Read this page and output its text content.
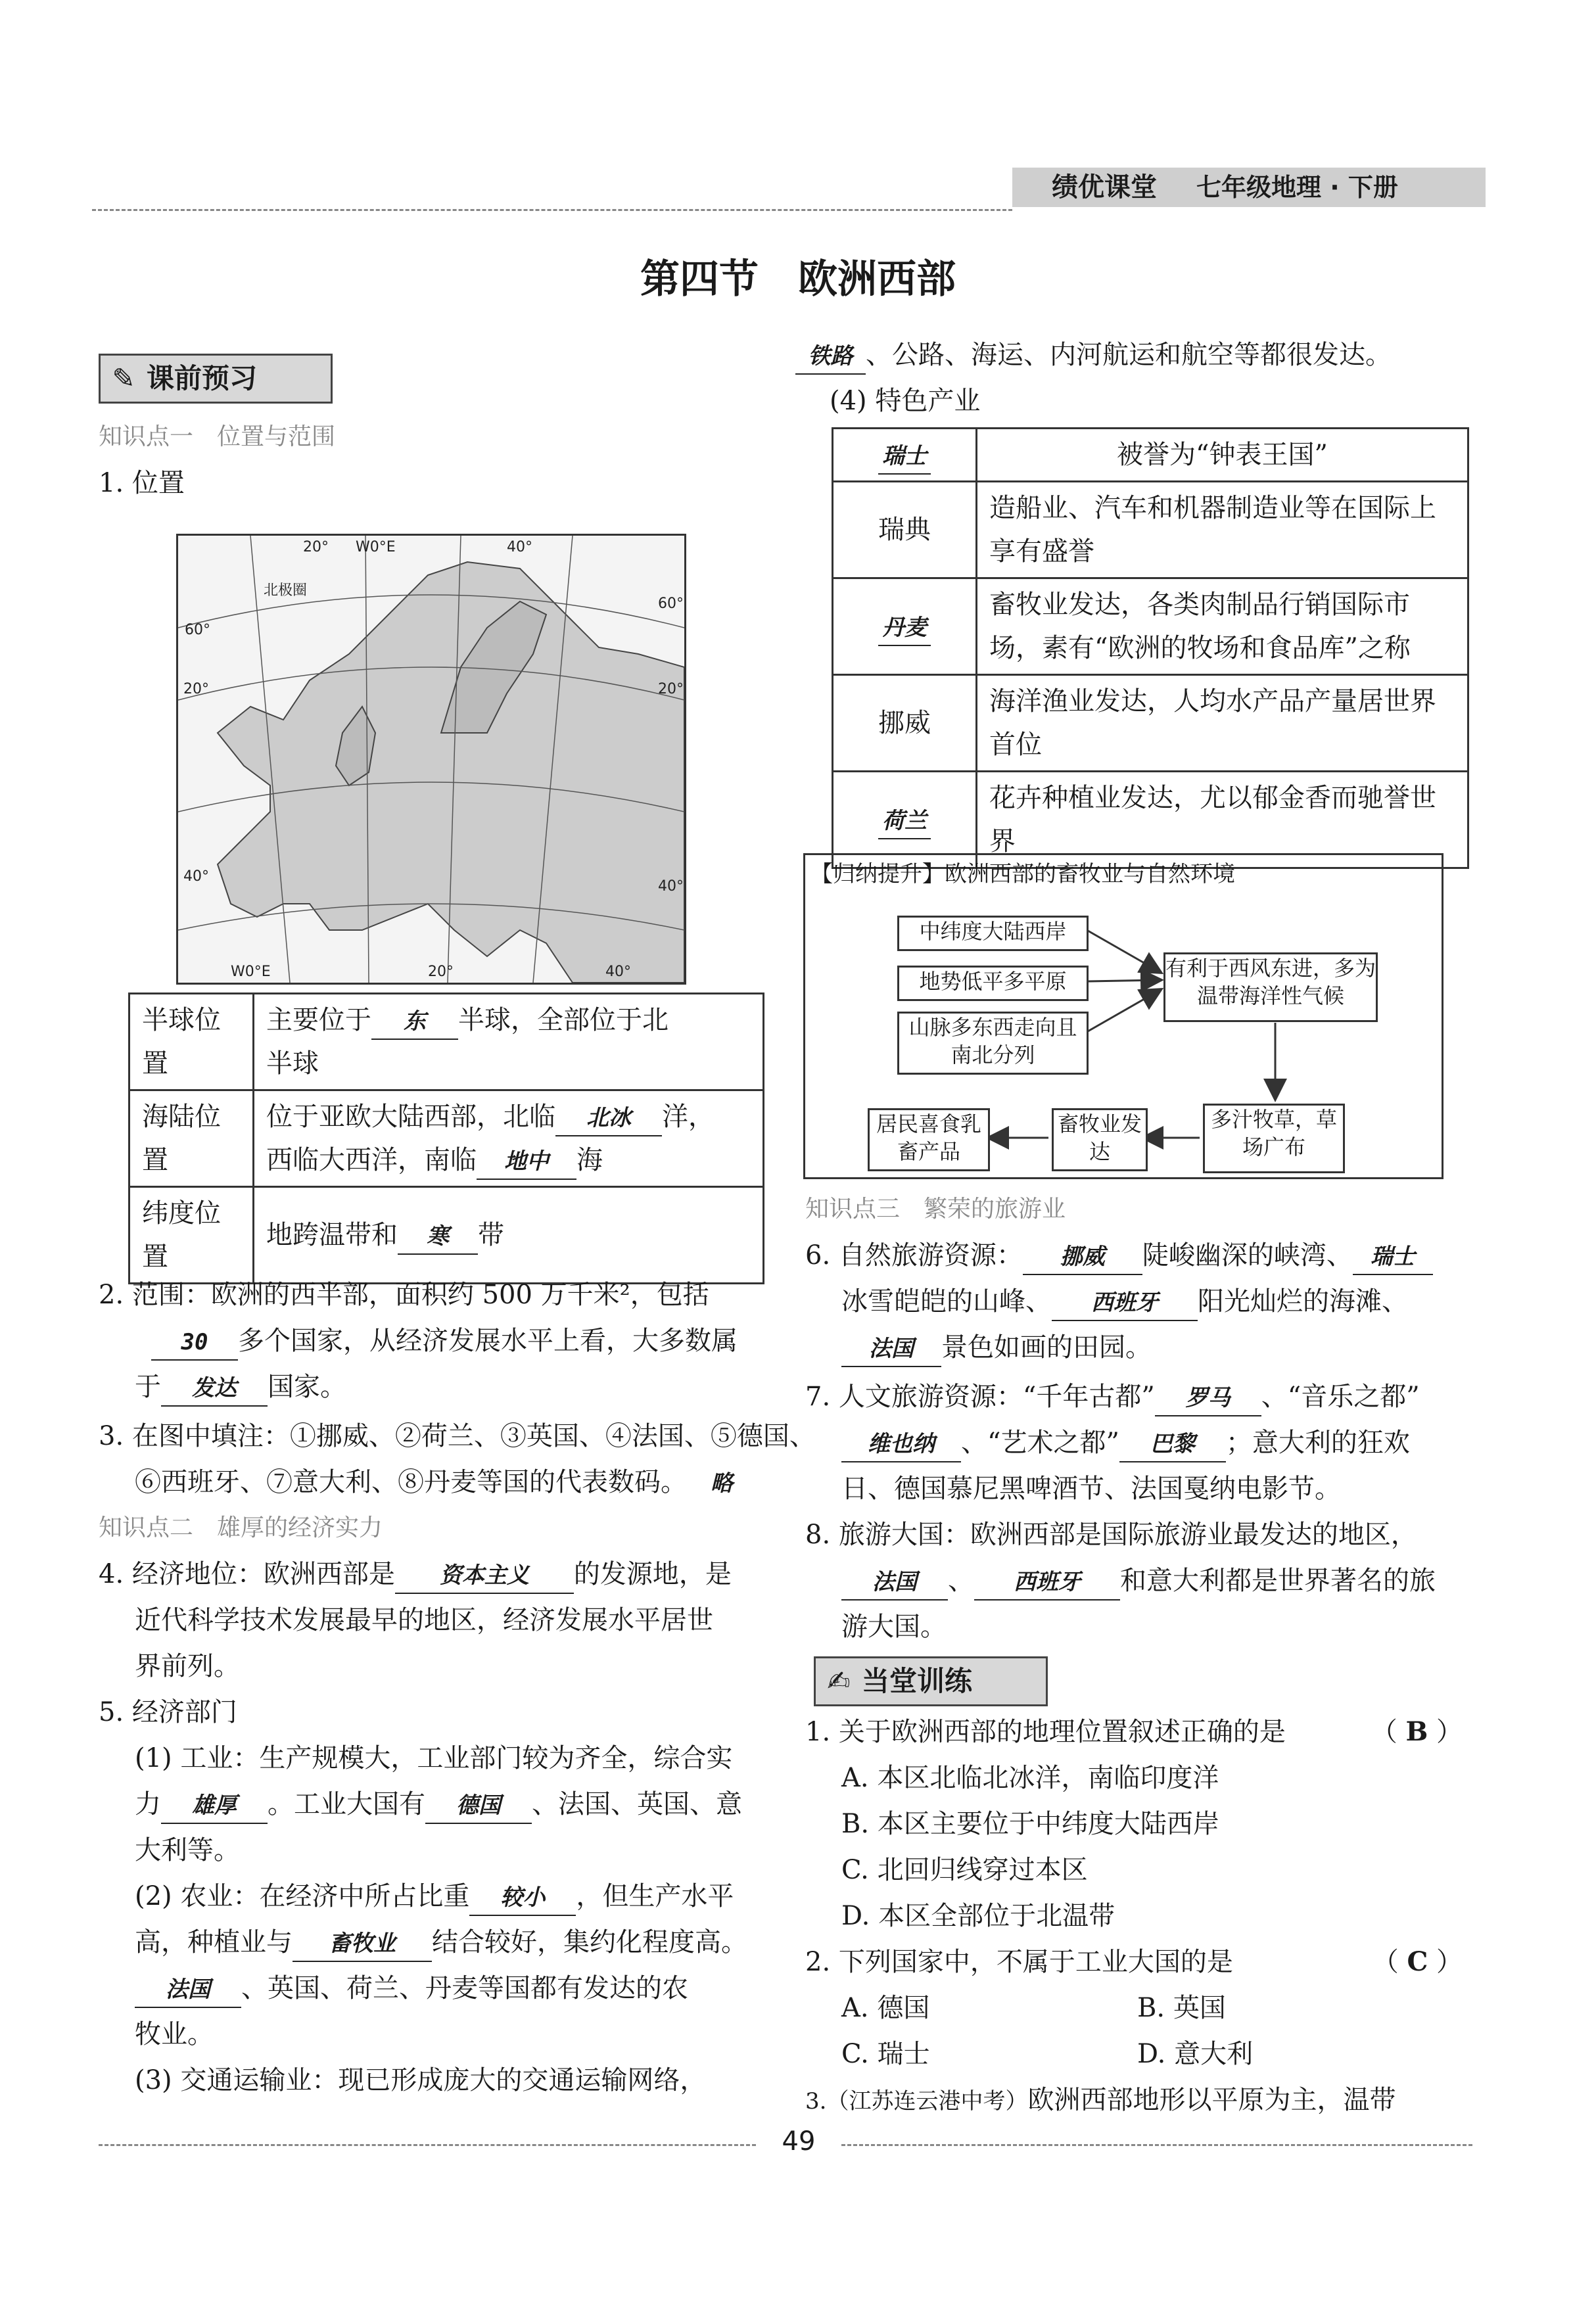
绩优课堂 七年级地理 · 下册
第四节　欧洲西部
✎ 课前预习
知识点一　位置与范围
1. 位置
20° W0°E	40°
北极圈
60°
60°
20°	20°
40°
40°
W0°E	20°	40°
半球位置	主要位于 东 半球，全部位于北
半球
海陆位置	位于亚欧大陆西部，北临 北冰 洋，
西临大西洋，南临 地中 海
纬度位置	地跨温带和 寒 带
2. 范围：欧洲的西半部，面积约 500 万千米²，包括
30 多个国家，从经济发展水平上看，大多数属
于 发达 国家。
3. 在图中填注：①挪威、②荷兰、③英国、④法国、⑤德国、
⑥西班牙、⑦意大利、⑧丹麦等国的代表数码。 略
知识点二　雄厚的经济实力
4. 经济地位：欧洲西部是 资本主义 的发源地，是
近代科学技术发展最早的地区，经济发展水平居世
界前列。
5. 经济部门
(1) 工业：生产规模大，工业部门较为齐全，综合实
力 雄厚 。工业大国有 德国 、法国、英国、意
大利等。
(2) 农业：在经济中所占比重 较小 ，但生产水平
高，种植业与 畜牧业 结合较好，集约化程度高。
法国 、英国、荷兰、丹麦等国都有发达的农
牧业。
(3) 交通运输业：现已形成庞大的交通运输网络，
铁路 、公路、海运、内河航运和航空等都很发达。
(4) 特色产业
瑞士	被誉为“钟表王国”
瑞典	造船业、汽车和机器制造业等在国际上享有盛誉
丹麦	畜牧业发达，各类肉制品行销国际市场，素有“欧洲的牧场和食品库”之称
挪威	海洋渔业发达，人均水产品产量居世界首位
荷兰	花卉种植业发达，尤以郁金香而驰誉世界
【归纳提升】欧洲西部的畜牧业与自然环境
中纬度大陆西岸
地势低平多平原
山脉多东西走向且南北分列
有利于西风东进，多为温带海洋性气候
多汁牧草，草场广布
畜牧业发达
居民喜食乳畜产品
知识点三　繁荣的旅游业
6. 自然旅游资源： 挪威 陡峻幽深的峡湾、 瑞士
冰雪皑皑的山峰、 西班牙 阳光灿烂的海滩、
法国 景色如画的田园。
7. 人文旅游资源：“千年古都” 罗马 、“音乐之都”
维也纳 、“艺术之都” 巴黎 ；意大利的狂欢
日、德国慕尼黑啤酒节、法国戛纳电影节。
8. 旅游大国：欧洲西部是国际旅游业最发达的地区，
法国 、 西班牙 和意大利都是世界著名的旅
游大国。
✍ 当堂训练
1. 关于欧洲西部的地理位置叙述正确的是	（ B ）
A. 本区北临北冰洋，南临印度洋
B. 本区主要位于中纬度大陆西岸
C. 北回归线穿过本区
D. 本区全部位于北温带
2. 下列国家中，不属于工业大国的是	（ C ）
A. 德国	B. 英国
C. 瑞士	D. 意大利
3.（江苏连云港中考）欧洲西部地形以平原为主，温带
49
